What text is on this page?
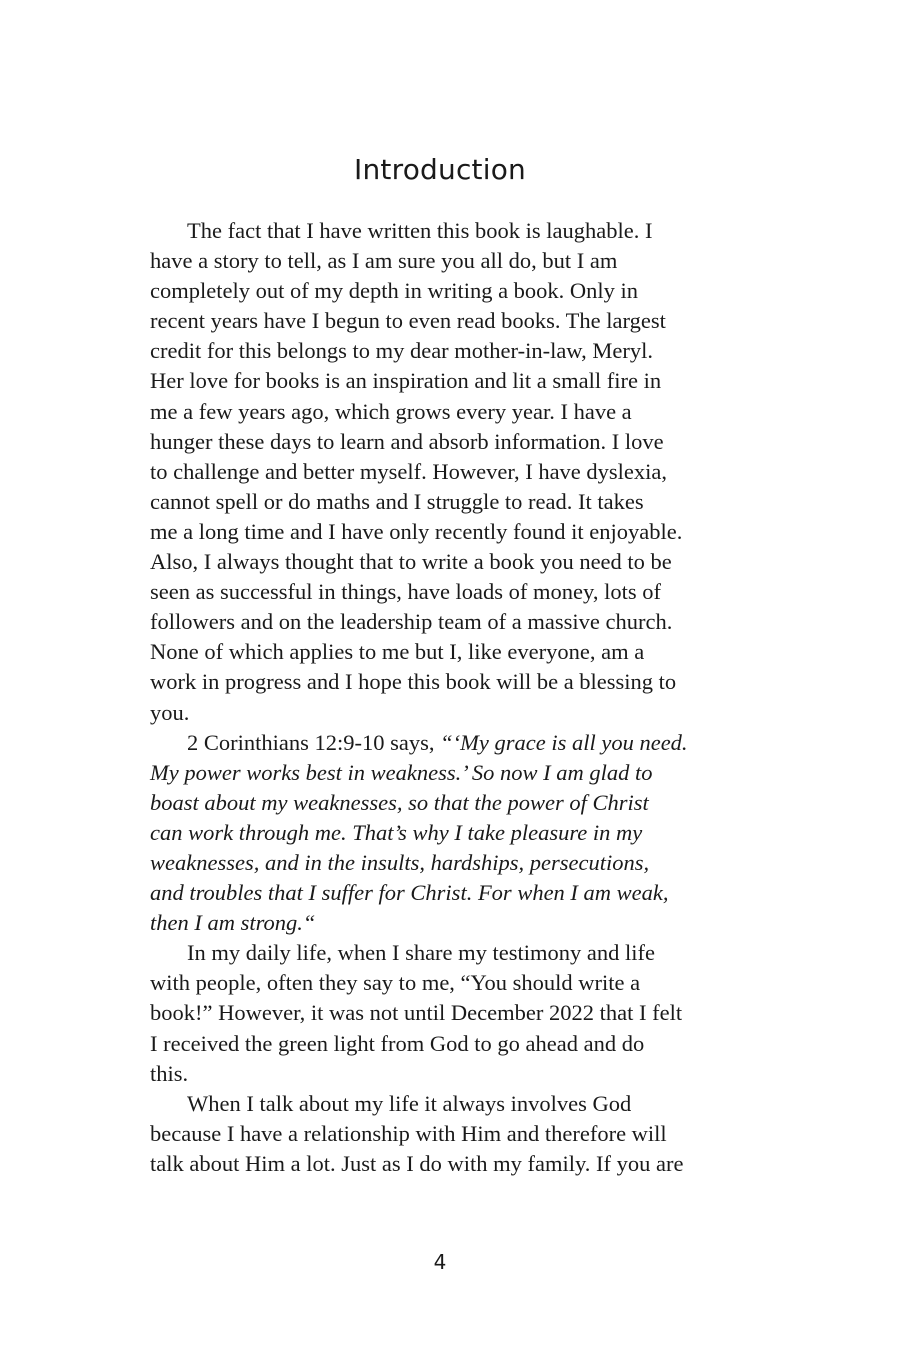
Introduction
The fact that I have written this book is laughable. I
have a story to tell, as I am sure you all do, but I am
completely out of my depth in writing a book. Only in
recent years have I begun to even read books. The largest
credit for this belongs to my dear mother-in-law, Meryl.
Her love for books is an inspiration and lit a small fire in
me a few years ago, which grows every year. I have a
hunger these days to learn and absorb information. I love
to challenge and better myself. However, I have dyslexia,
cannot spell or do maths and I struggle to read. It takes
me a long time and I have only recently found it enjoyable.
Also, I always thought that to write a book you need to be
seen as successful in things, have loads of money, lots of
followers and on the leadership team of a massive church.
None of which applies to me but I, like everyone, am a
work in progress and I hope this book will be a blessing to
you.
2 Corinthians 12:9-10 says, “‘My grace is all you need.
My power works best in weakness.’ So now I am glad to
boast about my weaknesses, so that the power of Christ
can work through me. That’s why I take pleasure in my
weaknesses, and in the insults, hardships, persecutions,
and troubles that I suffer for Christ. For when I am weak,
then I am strong.“
In my daily life, when I share my testimony and life
with people, often they say to me, “You should write a
book!” However, it was not until December 2022 that I felt
I received the green light from God to go ahead and do
this.
When I talk about my life it always involves God
because I have a relationship with Him and therefore will
talk about Him a lot. Just as I do with my family. If you are
4
